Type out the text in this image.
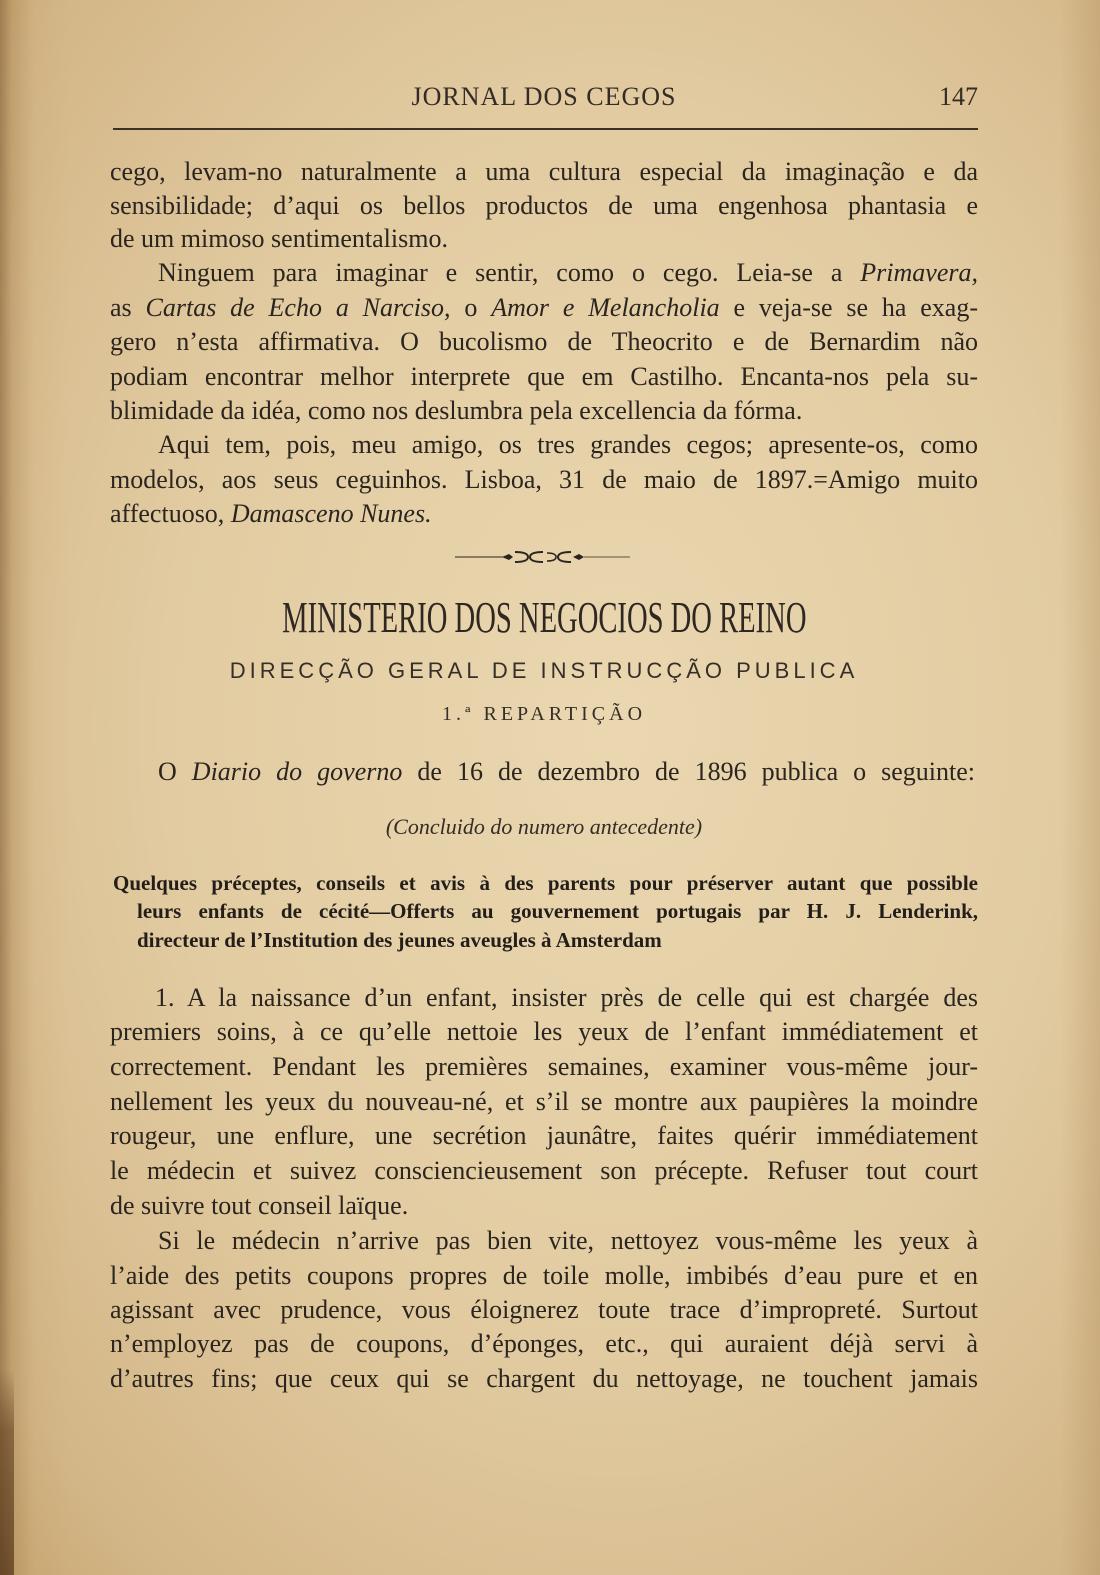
JORNAL DOS CEGOS	147
cego, levam-no naturalmente a uma cultura especial da imaginação e da
sensibilidade; d’aqui os bellos productos de uma engenhosa phantasia e
de um mimoso sentimentalismo.
Ninguem para imaginar e sentir, como o cego. Leia-se a Primavera,
as Cartas de Echo a Narciso, o Amor e Melancholia e veja-se se ha exag-
gero n’esta affirmativa. O bucolismo de Theocrito e de Bernardim não
podiam encontrar melhor interprete que em Castilho. Encanta-nos pela su-
blimidade da idéa, como nos deslumbra pela excellencia da fórma.
Aqui tem, pois, meu amigo, os tres grandes cegos; apresente-os, como
modelos, aos seus ceguinhos. Lisboa, 31 de maio de 1897.=Amigo muito
affectuoso, Damasceno Nunes.
MINISTERIO DOS NEGOCIOS DO REINO
DIRECÇÃO GERAL DE INSTRUCÇÃO PUBLICA
1.ª REPARTIÇÃO
O Diario do governo de 16 de dezembro de 1896 publica o seguinte:
(Concluido do numero antecedente)
Quelques préceptes, conseils et avis à des parents pour préserver autant que possible
leurs enfants de cécité—Offerts au gouvernement portugais par H. J. Lenderink,
directeur de l’Institution des jeunes aveugles à Amsterdam
1. A la naissance d’un enfant, insister près de celle qui est chargée des
premiers soins, à ce qu’elle nettoie les yeux de l’enfant immédiatement et
correctement. Pendant les premières semaines, examiner vous-même jour-
nellement les yeux du nouveau-né, et s’il se montre aux paupières la moindre
rougeur, une enflure, une secrétion jaunâtre, faites quérir immédiatement
le médecin et suivez consciencieusement son précepte. Refuser tout court
de suivre tout conseil laïque.
Si le médecin n’arrive pas bien vite, nettoyez vous-même les yeux à
l’aide des petits coupons propres de toile molle, imbibés d’eau pure et en
agissant avec prudence, vous éloignerez toute trace d’impropreté. Surtout
n’employez pas de coupons, d’éponges, etc., qui auraient déjà servi à
d’autres fins; que ceux qui se chargent du nettoyage, ne touchent jamais
